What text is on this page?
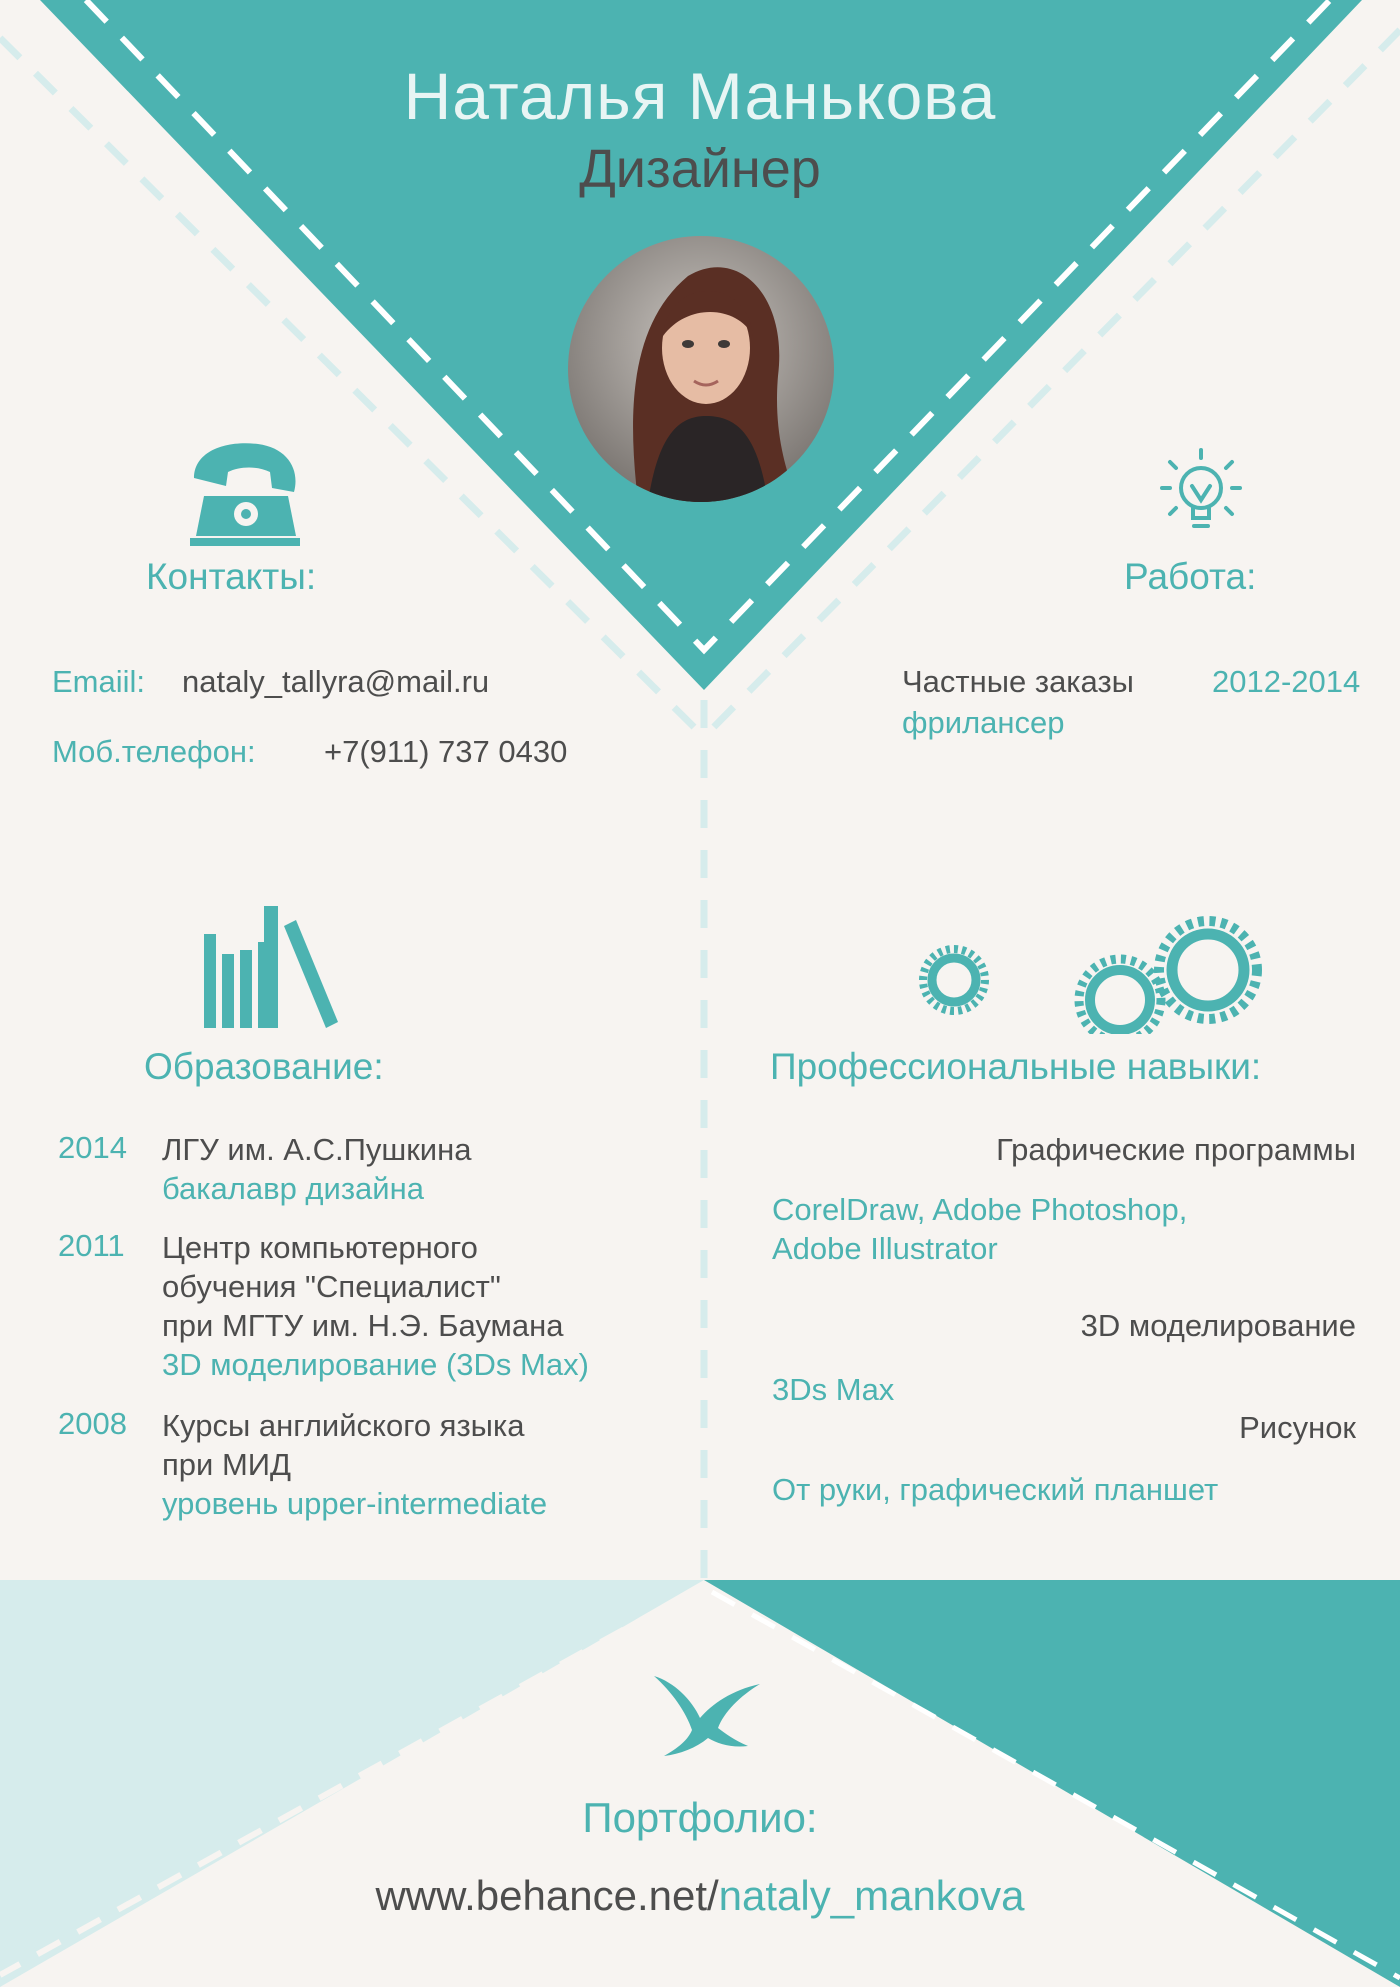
Наталья Манькова
Дизайнер
Контакты:
Emaiil: nataly_tallyra@mail.ru
Моб.телефон: +7(911) 737 0430
Работа:
Частные заказы	2012-2014
фрилансер
Образование:
2014 ЛГУ им. А.С.Пушкина
бакалавр дизайна
2011 Центр компьютерного
обучения "Специалист"
при МГТУ им. Н.Э. Баумана
3D моделирование (3Ds Max)
2008 Курсы английского языка
при МИД
уровень upper-intermediate
Профессиональные навыки:
Графические программы
CorelDraw, Adobe Photoshop, Adobe Illustrator
3D моделирование
3Ds Max
Рисунок
От руки, графический планшет
Портфолио:
www.behance.net/nataly_mankova
